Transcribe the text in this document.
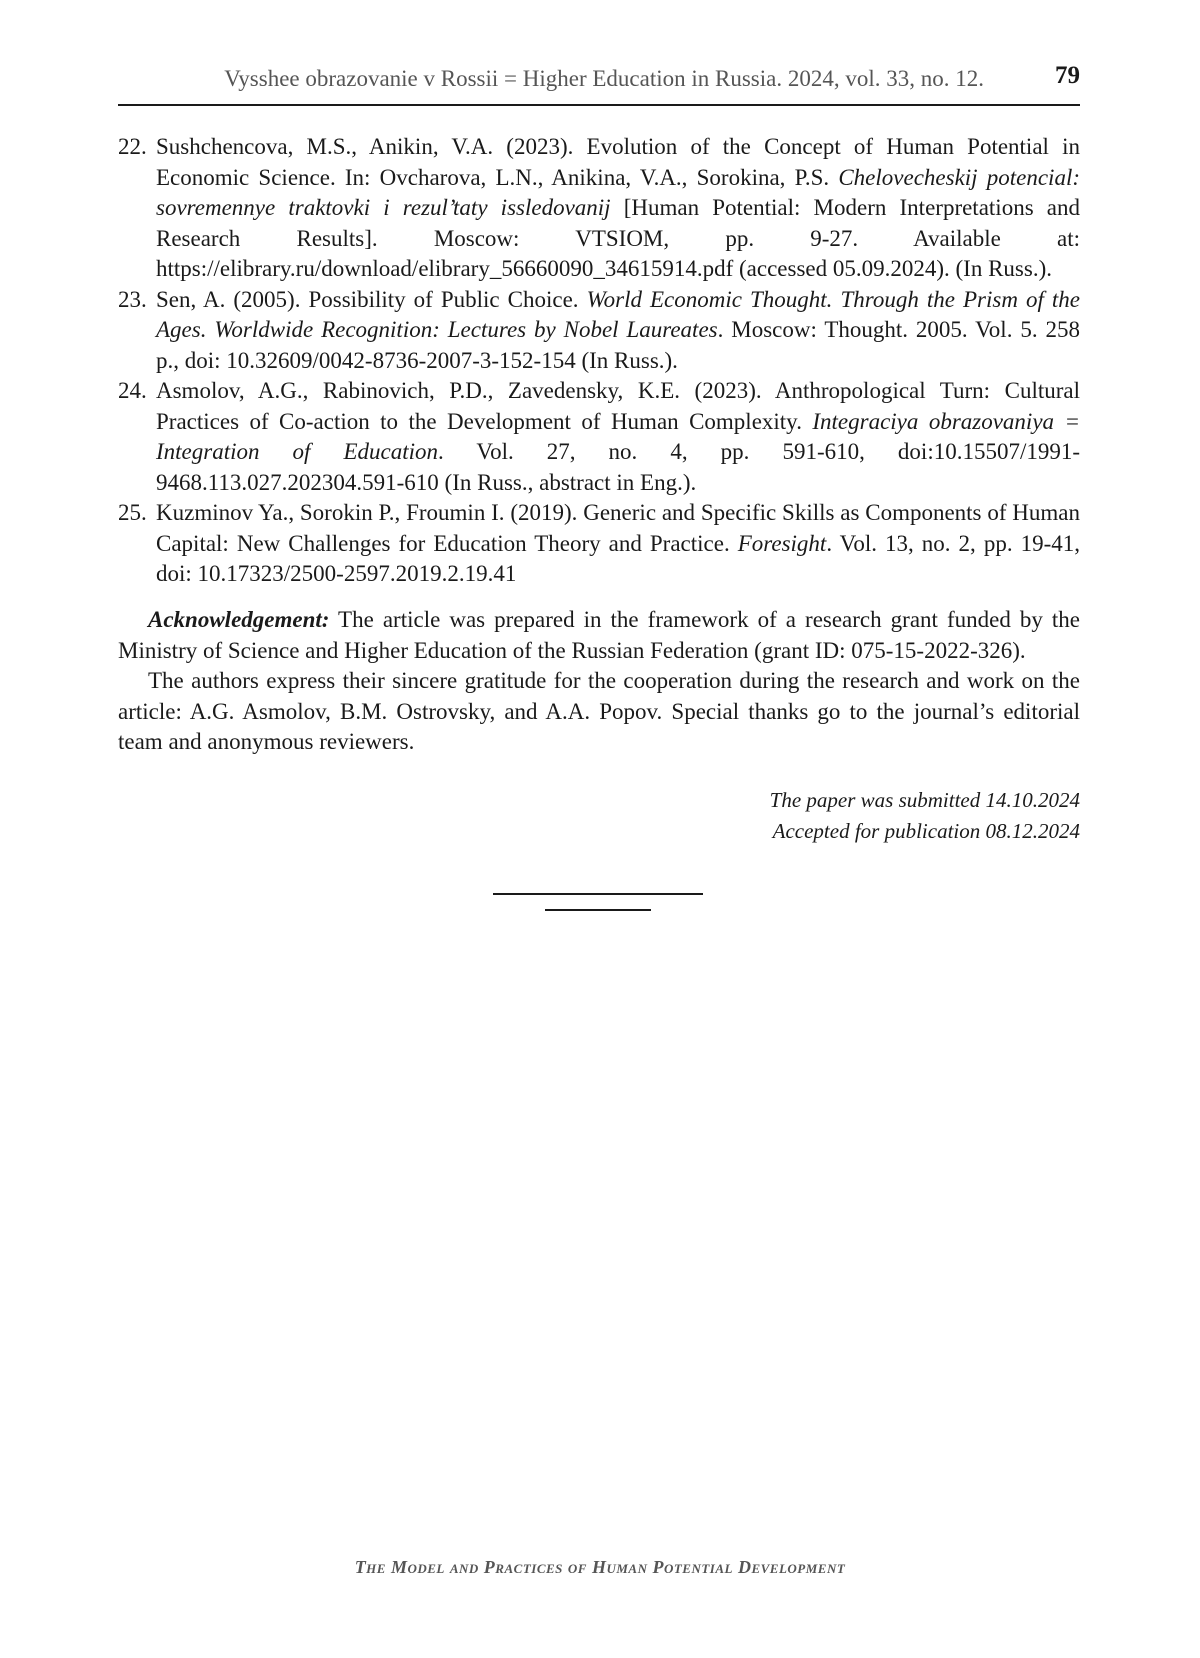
Vysshee obrazovanie v Rossii = Higher Education in Russia. 2024, vol. 33, no. 12.	79
22. Sushchencova, M.S., Anikin, V.A. (2023). Evolution of the Concept of Human Potential in Economic Science. In: Ovcharova, L.N., Anikina, V.A., Sorokina, P.S. Chelovecheskij potencial: sovremennye traktovki i rezul’taty issledovanij [Human Potential: Modern Interpretations and Research Results]. Moscow: VTSIOM, pp. 9-27. Available at: https://elibrary.ru/download/elibrary_56660090_34615914.pdf (accessed 05.09.2024). (In Russ.).
23. Sen, A. (2005). Possibility of Public Choice. World Economic Thought. Through the Prism of the Ages. Worldwide Recognition: Lectures by Nobel Laureates. Moscow: Thought. 2005. Vol. 5. 258 p., doi: 10.32609/0042-8736-2007-3-152-154 (In Russ.).
24. Asmolov, A.G., Rabinovich, P.D., Zavedensky, K.E. (2023). Anthropological Turn: Cultural Practices of Co-action to the Development of Human Complexity. Integraciya obrazovaniya = Integration of Education. Vol. 27, no. 4, pp. 591-610, doi:10.15507/1991-9468.113.027.202304.591-610 (In Russ., abstract in Eng.).
25. Kuzminov Ya., Sorokin P., Froumin I. (2019). Generic and Specific Skills as Components of Human Capital: New Challenges for Education Theory and Practice. Foresight. Vol. 13, no. 2, pp. 19-41, doi: 10.17323/2500-2597.2019.2.19.41

Acknowledgement: The article was prepared in the framework of a research grant funded by the Ministry of Science and Higher Education of the Russian Federation (grant ID: 075-15-2022-326).

The authors express their sincere gratitude for the cooperation during the research and work on the article: A.G. Asmolov, B.M. Ostrovsky, and A.A. Popov. Special thanks go to the journal’s editorial team and anonymous reviewers.

The paper was submitted 14.10.2024
Accepted for publication 08.12.2024
The Model and Practices of Human Potential Development
